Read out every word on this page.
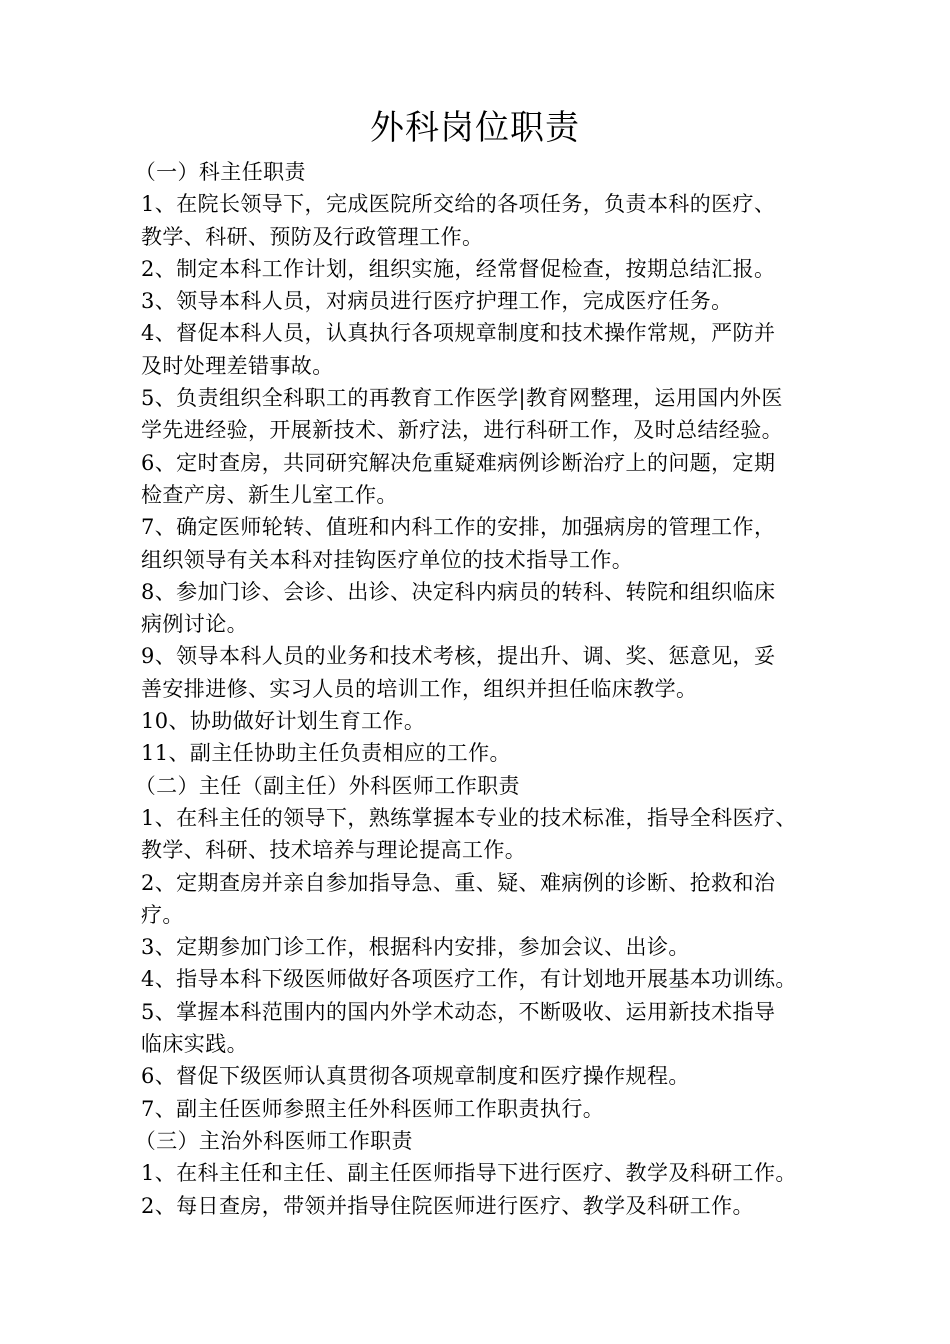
外科岗位职责
（一）科主任职责
1、在院长领导下，完成医院所交给的各项任务，负责本科的医疗、
教学、科研、预防及行政管理工作。
2、制定本科工作计划，组织实施，经常督促检查，按期总结汇报。
3、领导本科人员，对病员进行医疗护理工作，完成医疗任务。
4、督促本科人员，认真执行各项规章制度和技术操作常规，严防并
及时处理差错事故。
5、负责组织全科职工的再教育工作医学|教育网整理，运用国内外医
学先进经验，开展新技术、新疗法，进行科研工作，及时总结经验。
6、定时查房，共同研究解决危重疑难病例诊断治疗上的问题，定期
检查产房、新生儿室工作。
7、确定医师轮转、值班和内科工作的安排，加强病房的管理工作，
组织领导有关本科对挂钩医疗单位的技术指导工作。
8、参加门诊、会诊、出诊、决定科内病员的转科、转院和组织临床
病例讨论。
9、领导本科人员的业务和技术考核，提出升、调、奖、惩意见，妥
善安排进修、实习人员的培训工作，组织并担任临床教学。
10、协助做好计划生育工作。
11、副主任协助主任负责相应的工作。
（二）主任（副主任）外科医师工作职责
1、在科主任的领导下，熟练掌握本专业的技术标准，指导全科医疗、
教学、科研、技术培养与理论提高工作。
2、定期查房并亲自参加指导急、重、疑、难病例的诊断、抢救和治
疗。
3、定期参加门诊工作，根据科内安排，参加会议、出诊。
4、指导本科下级医师做好各项医疗工作，有计划地开展基本功训练。
5、掌握本科范围内的国内外学术动态，不断吸收、运用新技术指导
临床实践。
6、督促下级医师认真贯彻各项规章制度和医疗操作规程。
7、副主任医师参照主任外科医师工作职责执行。
（三）主治外科医师工作职责
1、在科主任和主任、副主任医师指导下进行医疗、教学及科研工作。
2、每日查房，带领并指导住院医师进行医疗、教学及科研工作。
